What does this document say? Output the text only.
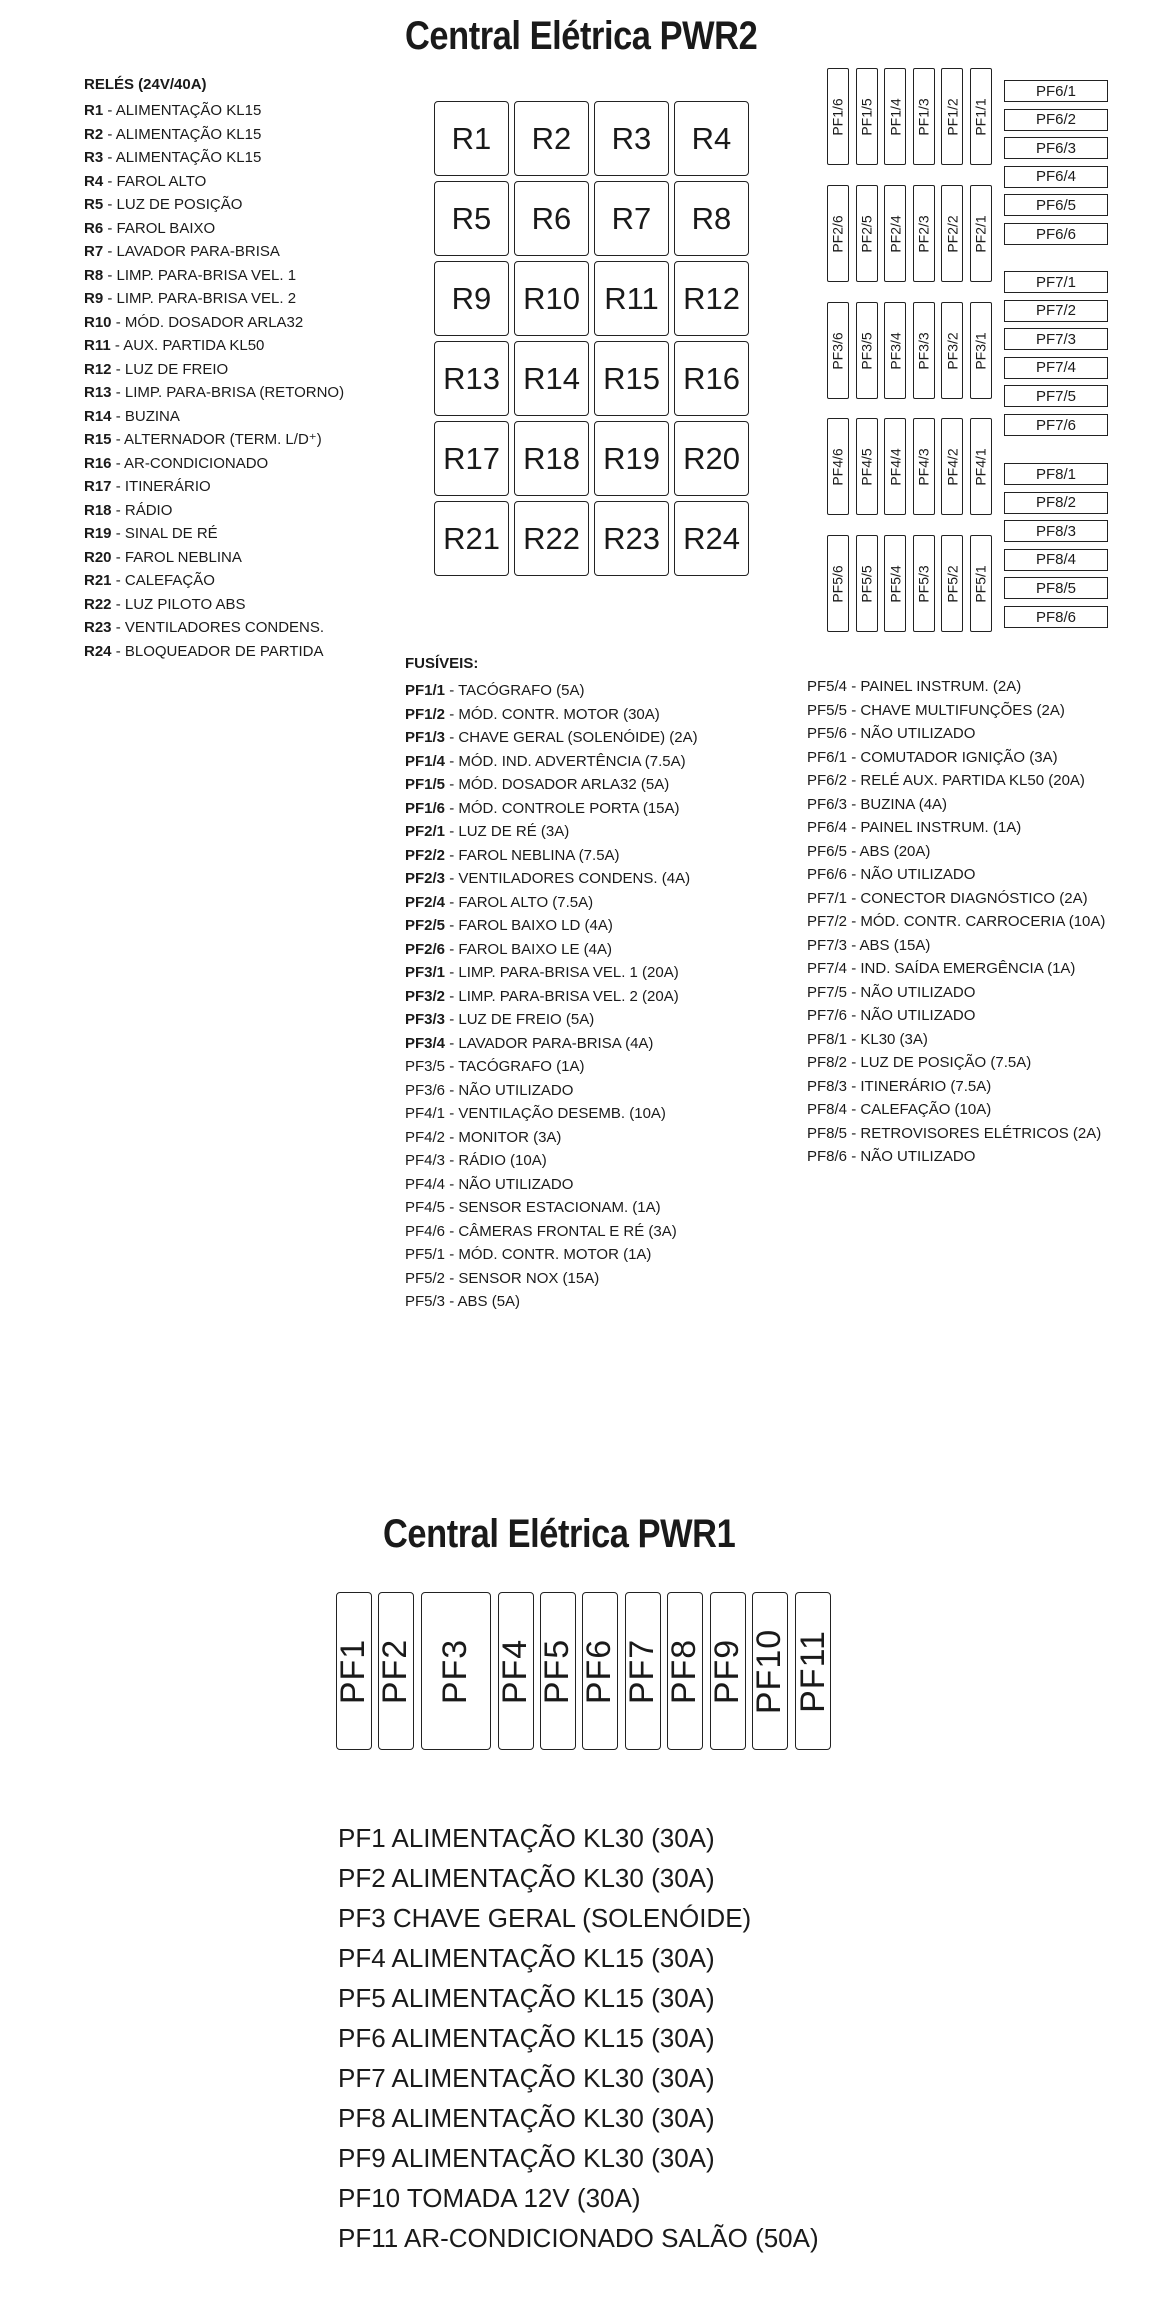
Central Elétrica PWR2
RELÉS (24V/40A)
R1 - ALIMENTAÇÃO KL15
R2 - ALIMENTAÇÃO KL15
R3 - ALIMENTAÇÃO KL15
R4 - FAROL ALTO
R5 - LUZ DE POSIÇÃO
R6 - FAROL BAIXO
R7 - LAVADOR PARA-BRISA
R8 - LIMP. PARA-BRISA VEL. 1
R9 - LIMP. PARA-BRISA VEL. 2
R10 - MÓD. DOSADOR ARLA32
R11 - AUX. PARTIDA KL50
R12 - LUZ DE FREIO
R13 - LIMP. PARA-BRISA (RETORNO)
R14 - BUZINA
R15 - ALTERNADOR (TERM. L/D⁺)
R16 - AR-CONDICIONADO
R17 - ITINERÁRIO
R18 - RÁDIO
R19 - SINAL DE RÉ
R20 - FAROL NEBLINA
R21 - CALEFAÇÃO
R22 - LUZ PILOTO ABS
R23 - VENTILADORES CONDENS.
R24 - BLOQUEADOR DE PARTIDA
R1	R2	R3	R4
R5	R6	R7	R8
R9	R10 R11 R12
R13 R14 R15 R16
R17 R18 R19 R20
R21 R22 R23 R24
PF1/6 PF1/5 PF1/4 PF1/3 PF1/2 PF1/1
PF2/6 PF2/5 PF2/4 PF2/3 PF2/2 PF2/1
PF3/6 PF3/5 PF3/4 PF3/3 PF3/2 PF3/1
PF4/6 PF4/5 PF4/4 PF4/3 PF4/2 PF4/1
PF5/6 PF5/5 PF5/4 PF5/3 PF5/2 PF5/1
PF6/1
PF6/2
PF6/3
PF6/4
PF6/5
PF6/6
PF7/1
PF7/2
PF7/3
PF7/4
PF7/5
PF7/6
PF8/1
PF8/2
PF8/3
PF8/4
PF8/5
PF8/6
FUSÍVEIS:
PF1/1 - TACÓGRAFO (5A)
PF1/2 - MÓD. CONTR. MOTOR (30A)
PF1/3 - CHAVE GERAL (SOLENÓIDE) (2A)
PF1/4 - MÓD. IND. ADVERTÊNCIA (7.5A)
PF1/5 - MÓD. DOSADOR ARLA32 (5A)
PF1/6 - MÓD. CONTROLE PORTA (15A)
PF2/1 - LUZ DE RÉ (3A)
PF2/2 - FAROL NEBLINA (7.5A)
PF2/3 - VENTILADORES CONDENS. (4A)
PF2/4 - FAROL ALTO (7.5A)
PF2/5 - FAROL BAIXO LD (4A)
PF2/6 - FAROL BAIXO LE (4A)
PF3/1 - LIMP. PARA-BRISA VEL. 1 (20A)
PF3/2 - LIMP. PARA-BRISA VEL. 2 (20A)
PF3/3 - LUZ DE FREIO (5A)
PF3/4 - LAVADOR PARA-BRISA (4A)
PF3/5 - TACÓGRAFO (1A)
PF3/6 - NÃO UTILIZADO
PF4/1 - VENTILAÇÃO DESEMB. (10A)
PF4/2 - MONITOR (3A)
PF4/3 - RÁDIO (10A)
PF4/4 - NÃO UTILIZADO
PF4/5 - SENSOR ESTACIONAM. (1A)
PF4/6 - CÂMERAS FRONTAL E RÉ (3A)
PF5/1 - MÓD. CONTR. MOTOR (1A)
PF5/2 - SENSOR NOX (15A)
PF5/3 - ABS (5A)
PF5/4 - PAINEL INSTRUM. (2A)
PF5/5 - CHAVE MULTIFUNÇÕES (2A)
PF5/6 - NÃO UTILIZADO
PF6/1 - COMUTADOR IGNIÇÃO (3A)
PF6/2 - RELÉ AUX. PARTIDA KL50 (20A)
PF6/3 - BUZINA (4A)
PF6/4 - PAINEL INSTRUM. (1A)
PF6/5 - ABS (20A)
PF6/6 - NÃO UTILIZADO
PF7/1 - CONECTOR DIAGNÓSTICO (2A)
PF7/2 - MÓD. CONTR. CARROCERIA (10A)
PF7/3 - ABS (15A)
PF7/4 - IND. SAÍDA EMERGÊNCIA (1A)
PF7/5 - NÃO UTILIZADO
PF7/6 - NÃO UTILIZADO
PF8/1 - KL30 (3A)
PF8/2 - LUZ DE POSIÇÃO (7.5A)
PF8/3 - ITINERÁRIO (7.5A)
PF8/4 - CALEFAÇÃO (10A)
PF8/5 - RETROVISORES ELÉTRICOS (2A)
PF8/6 - NÃO UTILIZADO
Central Elétrica PWR1
PF1 PF2 PF3 PF4 PF5 PF6 PF7 PF8 PF9 PF10 PF11
PF1 ALIMENTAÇÃO KL30 (30A)
PF2 ALIMENTAÇÃO KL30 (30A)
PF3 CHAVE GERAL (SOLENÓIDE)
PF4 ALIMENTAÇÃO KL15 (30A)
PF5 ALIMENTAÇÃO KL15 (30A)
PF6 ALIMENTAÇÃO KL15 (30A)
PF7 ALIMENTAÇÃO KL30 (30A)
PF8 ALIMENTAÇÃO KL30 (30A)
PF9 ALIMENTAÇÃO KL30 (30A)
PF10 TOMADA 12V (30A)
PF11 AR-CONDICIONADO SALÃO (50A)
